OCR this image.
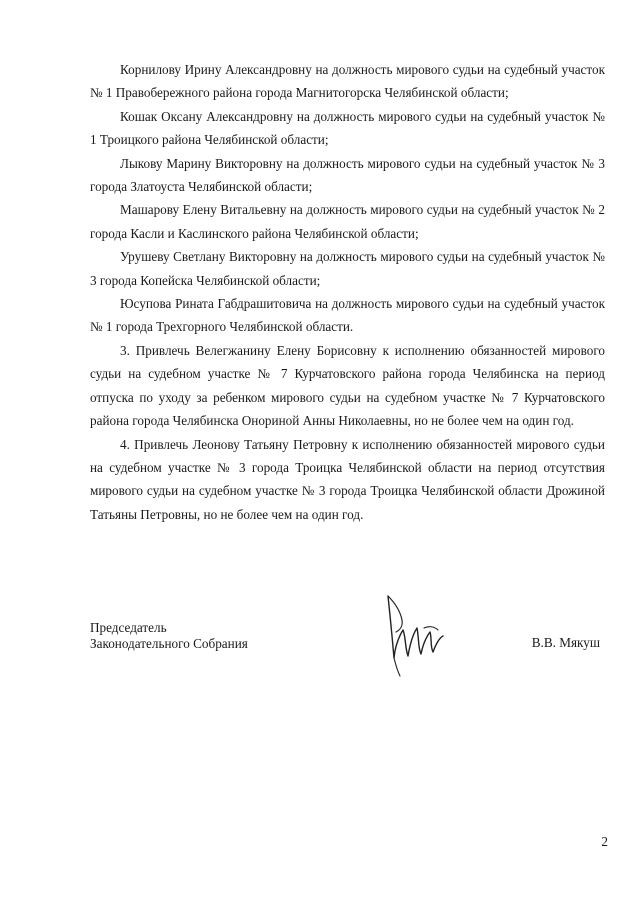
Корнилову Ирину Александровну на должность мирового судьи на судебный участок № 1 Правобережного района города Магнитогорска Челябинской области;

Кошак Оксану Александровну на должность мирового судьи на судебный участок № 1 Троицкого района Челябинской области;

Лыкову Марину Викторовну на должность мирового судьи на судебный участок № 3 города Златоуста Челябинской области;

Машарову Елену Витальевну на должность мирового судьи на судебный участок № 2 города Касли и Каслинского района Челябинской области;

Урушеву Светлану Викторовну на должность мирового судьи на судебный участок № 3 города Копейска Челябинской области;

Юсупова Рината Габдрашитовича на должность мирового судьи на судебный участок № 1 города Трехгорного Челябинской области.

3. Привлечь Велегжанину Елену Борисовну к исполнению обязанностей мирового судьи на судебном участке № 7 Курчатовского района города Челябинска на период отпуска по уходу за ребенком мирового судьи на судебном участке № 7 Курчатовского района города Челябинска Оноpиной Анны Николаевны, но не более чем на один год.

4. Привлечь Леонову Татьяну Петровну к исполнению обязанностей мирового судьи на судебном участке № 3 города Троицка Челябинской области на период отсутствия мирового судьи на судебном участке № 3 города Троицка Челябинской области Дрожиной Татьяны Петровны, но не более чем на один год.

Председатель
Законодательного Собрания	В.В. Мякуш
2
